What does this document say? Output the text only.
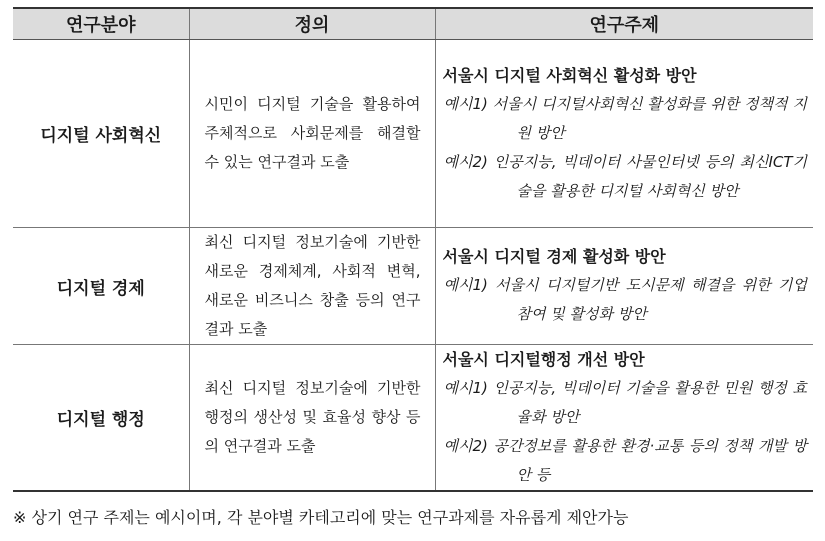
연구분야	정의	연구주제
디지털 사회혁신	시민이 디지털 기술을 활용하여 주체적으로 사회문제를 해결할 수 있는 연구결과 도출	서울시 디지털 사회혁신 활성화 방안
예시1) 서울시 디지털사회혁신 활성화를 위한 정책적 지원 방안
예시2) 인공지능, 빅데이터 사물인터넷 등의 최신ICT기술을 활용한 디지털 사회혁신 방안

디지털 경제	최신 디지털 정보기술에 기반한 새로운 경제체계, 사회적 변혁, 새로운 비즈니스 창출 등의 연구결과 도출	서울시 디지털 경제 활성화 방안
예시1) 서울시 디지털기반 도시문제 해결을 위한 기업 참여 및 활성화 방안

디지털 행정	최신 디지털 정보기술에 기반한 행정의 생산성 및 효율성 향상 등의 연구결과 도출	서울시 디지털행정 개선 방안
예시1) 인공지능, 빅데이터 기술을 활용한 민원 행정 효율화 방안
예시2) 공간정보를 활용한 환경·교통 등의 정책 개발 방안 등
※ 상기 연구 주제는 예시이며, 각 분야별 카테고리에 맞는 연구과제를 자유롭게 제안가능
